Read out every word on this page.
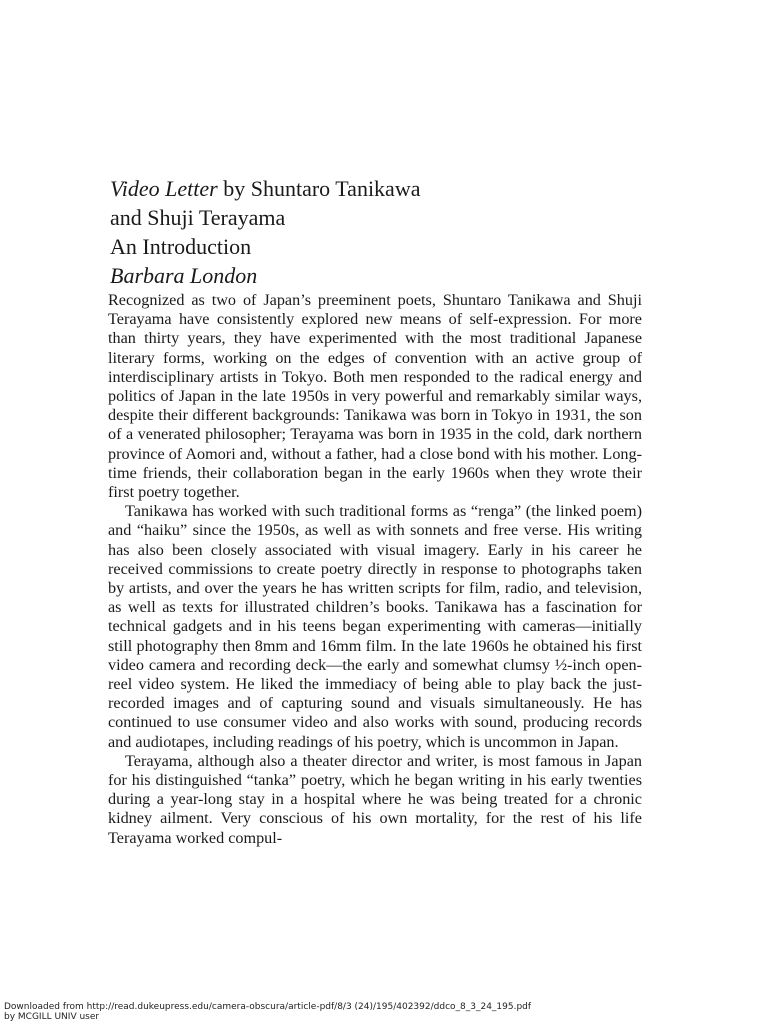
Video Letter by Shuntaro Tanikawa
and Shuji Terayama
An Introduction
Barbara London

Recognized as two of Japan’s preeminent poets, Shuntaro Tanikawa and Shuji Terayama have consistently explored new means of self-expression. For more than thirty years, they have experimented with the most traditional Japanese literary forms, working on the edges of convention with an active group of interdisciplinary artists in Tokyo. Both men responded to the radical energy and politics of Japan in the late 1950s in very powerful and remarkably similar ways, despite their different backgrounds: Tanikawa was born in Tokyo in 1931, the son of a venerated philosopher; Terayama was born in 1935 in the cold, dark northern province of Aomori and, without a father, had a close bond with his mother. Long-time friends, their collaboration began in the early 1960s when they wrote their first poetry together.

Tanikawa has worked with such traditional forms as “renga” (the linked poem) and “haiku” since the 1950s, as well as with sonnets and free verse. His writing has also been closely associated with visual imagery. Early in his career he received commissions to create poetry directly in response to photographs taken by artists, and over the years he has written scripts for film, radio, and television, as well as texts for illustrated children’s books. Tanikawa has a fascination for technical gadgets and in his teens began experimenting with cameras—initially still photography then 8mm and 16mm film. In the late 1960s he obtained his first video camera and recording deck—the early and somewhat clumsy ½-inch open-reel video system. He liked the immediacy of being able to play back the just-recorded images and of capturing sound and visuals simultaneously. He has continued to use consumer video and also works with sound, producing records and audiotapes, including readings of his poetry, which is uncommon in Japan.

Terayama, although also a theater director and writer, is most famous in Japan for his distinguished “tanka” poetry, which he began writing in his early twenties during a year-long stay in a hospital where he was being treated for a chronic kidney ailment. Very conscious of his own mortality, for the rest of his life Terayama worked compul-

Downloaded from http://read.dukeupress.edu/camera-obscura/article-pdf/8/3 (24)/195/402392/ddco_8_3_24_195.pdf
by MCGILL UNIV user
